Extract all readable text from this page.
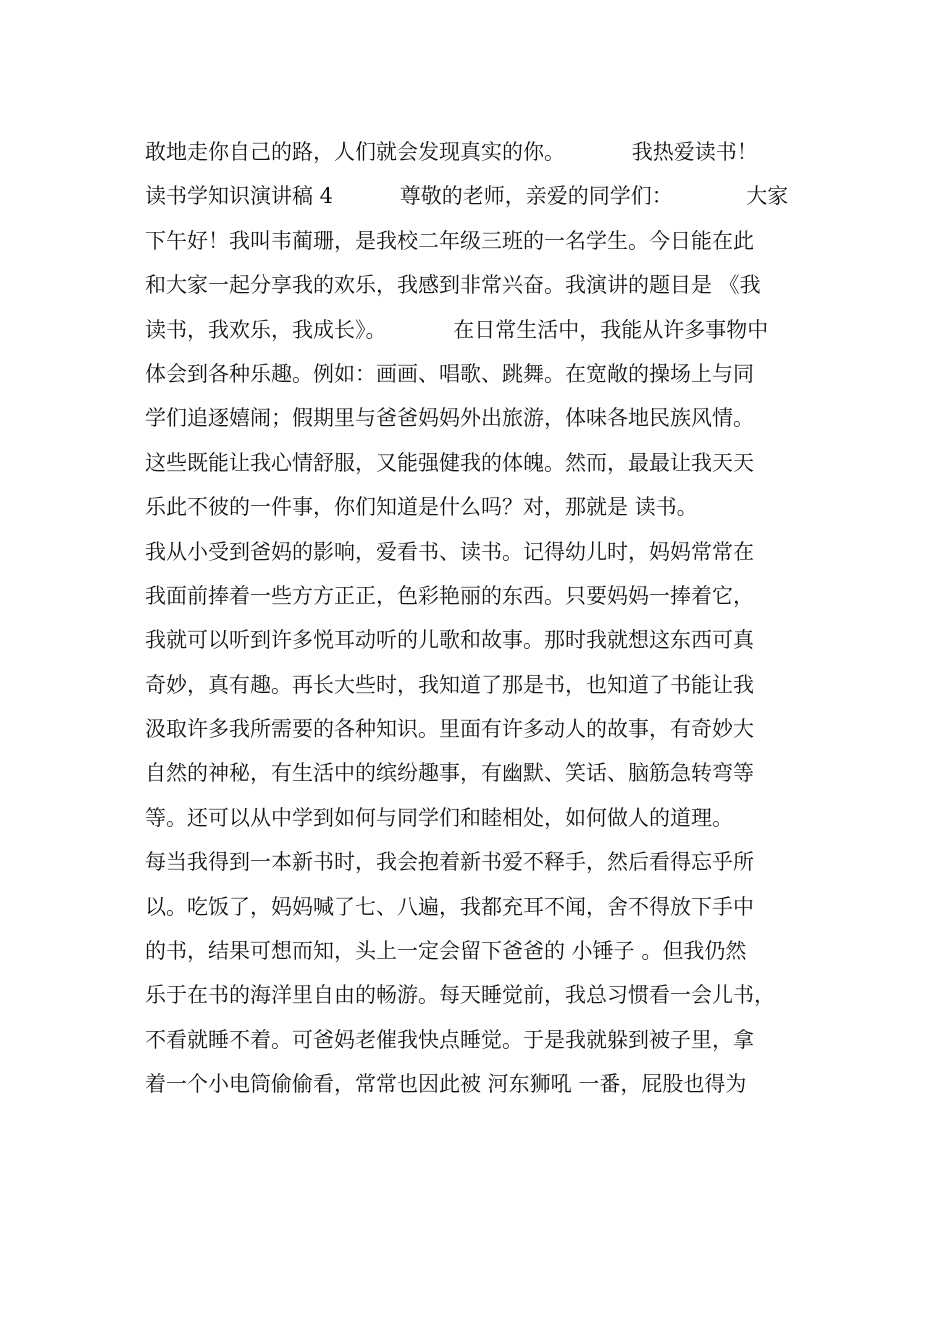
敢地走你自己的路，人们就会发现真实的你。          我热爱读书！
读书学知识演讲稿 4          尊敬的老师，亲爱的同学们：           大家
下午好！我叫韦蔺珊，是我校二年级三班的一名学生。今日能在此
和大家一起分享我的欢乐，我感到非常兴奋。我演讲的题目是 《我
读书，我欢乐，我成长》。          在日常生活中，我能从许多事物中
体会到各种乐趣。例如：画画、唱歌、跳舞。在宽敞的操场上与同
学们追逐嬉闹；假期里与爸爸妈妈外出旅游，体味各地民族风情。
这些既能让我心情舒服，又能强健我的体魄。然而，最最让我天天
乐此不彼的一件事，你们知道是什么吗？对，那就是 读书。
我从小受到爸妈的影响，爱看书、读书。记得幼儿时，妈妈常常在
我面前捧着一些方方正正，色彩艳丽的东西。只要妈妈一捧着它，
我就可以听到许多悦耳动听的儿歌和故事。那时我就想这东西可真
奇妙，真有趣。再长大些时，我知道了那是书，也知道了书能让我
汲取许多我所需要的各种知识。里面有许多动人的故事，有奇妙大
自然的神秘，有生活中的缤纷趣事，有幽默、笑话、脑筋急转弯等
等。还可以从中学到如何与同学们和睦相处，如何做人的道理。
每当我得到一本新书时，我会抱着新书爱不释手，然后看得忘乎所
以。吃饭了，妈妈喊了七、八遍，我都充耳不闻，舍不得放下手中
的书，结果可想而知，头上一定会留下爸爸的 小锤子 。但我仍然
乐于在书的海洋里自由的畅游。每天睡觉前，我总习惯看一会儿书，
不看就睡不着。可爸妈老催我快点睡觉。于是我就躲到被子里，拿
着一个小电筒偷偷看，常常也因此被 河东狮吼 一番，屁股也得为
